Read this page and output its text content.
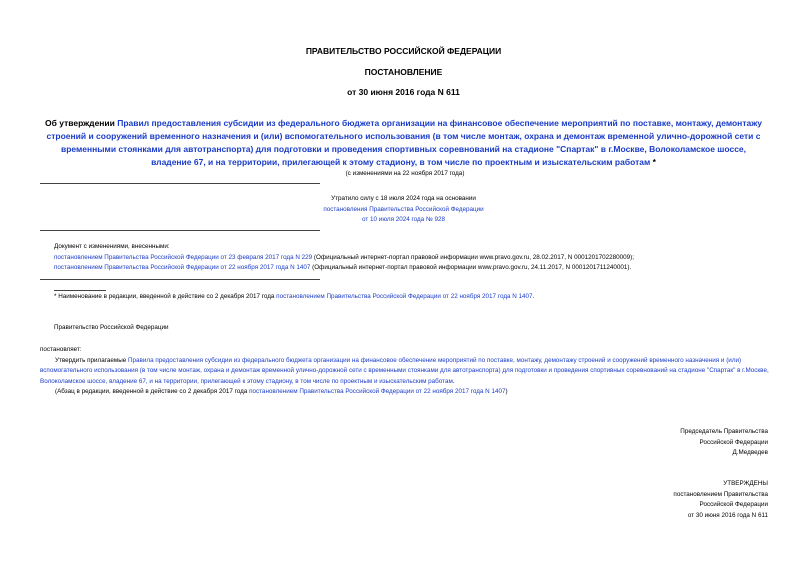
ПРАВИТЕЛЬСТВО РОССИЙСКОЙ ФЕДЕРАЦИИ
ПОСТАНОВЛЕНИЕ
от 30 июня 2016 года N 611
Об утверждении Правил предоставления субсидии из федерального бюджета организации на финансовое обеспечение мероприятий по поставке, монтажу, демонтажу строений и сооружений временного назначения и (или) вспомогательного использования (в том числе монтаж, охрана и демонтаж временной улично-дорожной сети с временными стоянками для автотранспорта) для подготовки и проведения спортивных соревнований на стадионе "Спартак" в г.Москве, Волоколамское шоссе, владение 67, и на территории, прилегающей к этому стадиону, в том числе по проектным и изыскательским работам *
(с изменениями на 22 ноября 2017 года)
Утратило силу с 18 июля 2024 года на основании
постановления Правительства Российской Федерации
от 10 июля 2024 года № 928
Документ с изменениями, внесенными:
постановлением Правительства Российской Федерации от 23 февраля 2017 года N 229 (Официальный интернет-портал правовой информации www.pravo.gov.ru, 28.02.2017, N 0001201702280009);
постановлением Правительства Российской Федерации от 22 ноября 2017 года N 1407 (Официальный интернет-портал правовой информации www.pravo.gov.ru, 24.11.2017, N 0001201711240001).
* Наименование в редакции, введенной в действие со 2 декабря 2017 года постановлением Правительства Российской Федерации от 22 ноября 2017 года N 1407.
Правительство Российской Федерации
постановляет:
Утвердить прилагаемые Правила предоставления субсидии из федерального бюджета организации на финансовое обеспечение мероприятий по поставке, монтажу, демонтажу строений и сооружений временного назначения и (или) вспомогательного использования (в том числе монтаж, охрана и демонтаж временной улично-дорожной сети с временными стоянками для автотранспорта) для подготовки и проведения спортивных соревнований на стадионе "Спартак" в г.Москве, Волоколамское шоссе, владение 67, и на территории, прилегающей к этому стадиону, в том числе по проектным и изыскательским работам.
(Абзац в редакции, введенной в действие со 2 декабря 2017 года постановлением Правительства Российской Федерации от 22 ноября 2017 года N 1407)
Председатель Правительства
Российской Федерации
Д.Медведев
УТВЕРЖДЕНЫ
постановлением Правительства
Российской Федерации
от 30 июня 2016 года N 611
